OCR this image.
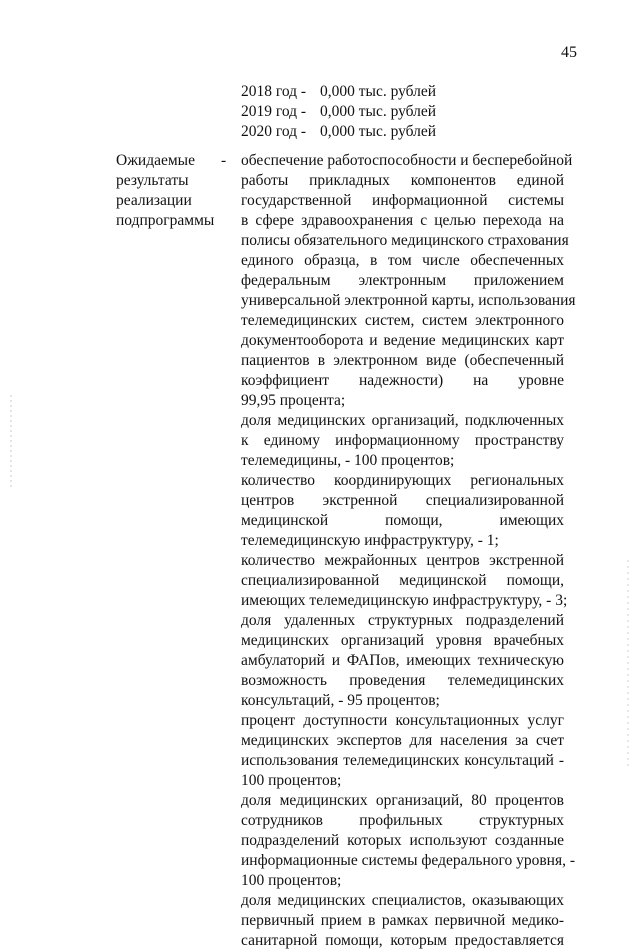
45
2018 год - 0,000 тыс. рублей
2019 год - 0,000 тыс. рублей
2020 год - 0,000 тыс. рублей
Ожидаемые
результаты
реализации
подпрограммы
- обеспечение работоспособности и бесперебойной
работы прикладных компонентов единой
государственной информационной системы
в сфере здравоохранения с целью перехода на
полисы обязательного медицинского страхования
единого образца, в том числе обеспеченных
федеральным электронным приложением
универсальной электронной карты, использования
телемедицинских систем, систем электронного
документооборота и ведение медицинских карт
пациентов в электронном виде (обеспеченный
коэффициент надежности) на уровне
99,95 процента;
доля медицинских организаций, подключенных
к единому информационному пространству
телемедицины, - 100 процентов;
количество координирующих региональных
центров экстренной специализированной
медицинской помощи, имеющих
телемедицинскую инфраструктуру, - 1;
количество межрайонных центров экстренной
специализированной медицинской помощи,
имеющих телемедицинскую инфраструктуру, - 3;
доля удаленных структурных подразделений
медицинских организаций уровня врачебных
амбулаторий и ФАПов, имеющих техническую
возможность проведения телемедицинских
консультаций, - 95 процентов;
процент доступности консультационных услуг
медицинских экспертов для населения за счет
использования телемедицинских консультаций -
100 процентов;
доля медицинских организаций, 80 процентов
сотрудников профильных структурных
подразделений которых используют созданные
информационные системы федерального уровня, -
100 процентов;
доля медицинских специалистов, оказывающих
первичный прием в рамках первичной медико-
санитарной помощи, которым предоставляется
